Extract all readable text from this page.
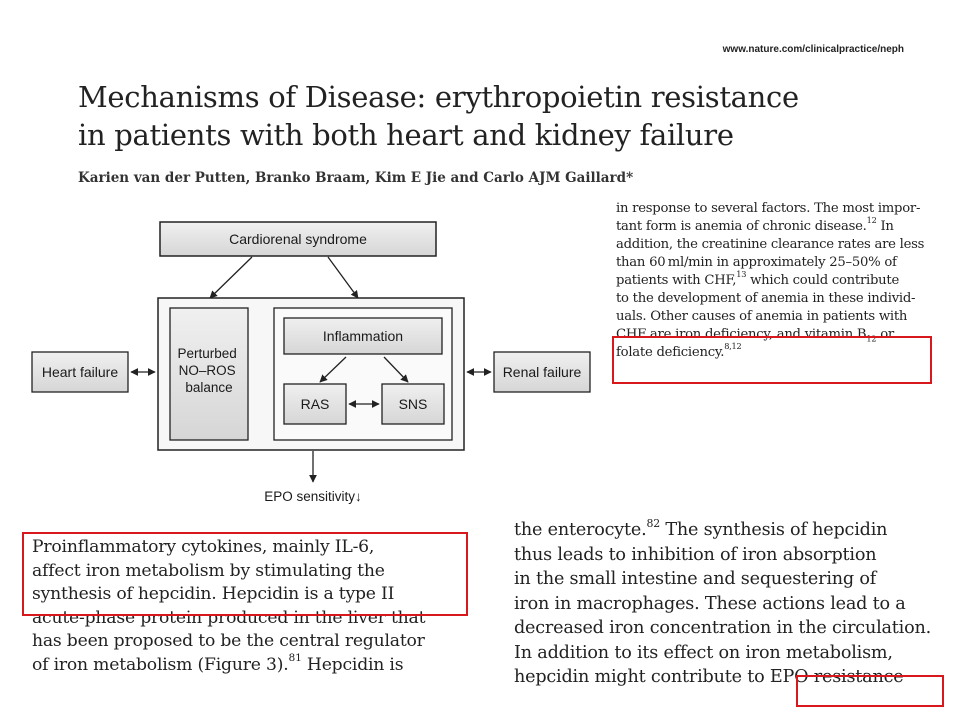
www.nature.com/clinicalpractice/neph
Mechanisms of Disease: erythropoietin resistance
in patients with both heart and kidney failure
Karien van der Putten, Branko Braam, Kim E Jie and Carlo AJM Gaillard*
Cardiorenal syndrome
Perturbed NO–ROS balance
Inflammation
RAS	SNS
Heart failure	Renal failure
EPO sensitivity↓
in response to several factors. The most impor-
tant form is anemia of chronic disease.$^{12}$ In
addition, the creatinine clearance rates are less
than 60 ml/min in approximately 25–50% of
patients with CHF,$^{13}$ which could contribute
to the development of anemia in these individ-
uals. Other causes of anemia in patients with
CHF are iron deficiency, and vitamin $B_{12}$ or
folate deficiency.$^{8,12}$
Proinflammatory cytokines, mainly IL-6,
affect iron metabolism by stimulating the
synthesis of hepcidin. Hepcidin is a type II
acute-phase protein produced in the liver that
has been proposed to be the central regulator
of iron metabolism (Figure 3).$^{81}$ Hepcidin is
the enterocyte.$^{82}$ The synthesis of hepcidin
thus leads to inhibition of iron absorption
in the small intestine and sequestering of
iron in macrophages. These actions lead to a
decreased iron concentration in the circulation.
In addition to its effect on iron metabolism,
hepcidin might contribute to EPO resistance
